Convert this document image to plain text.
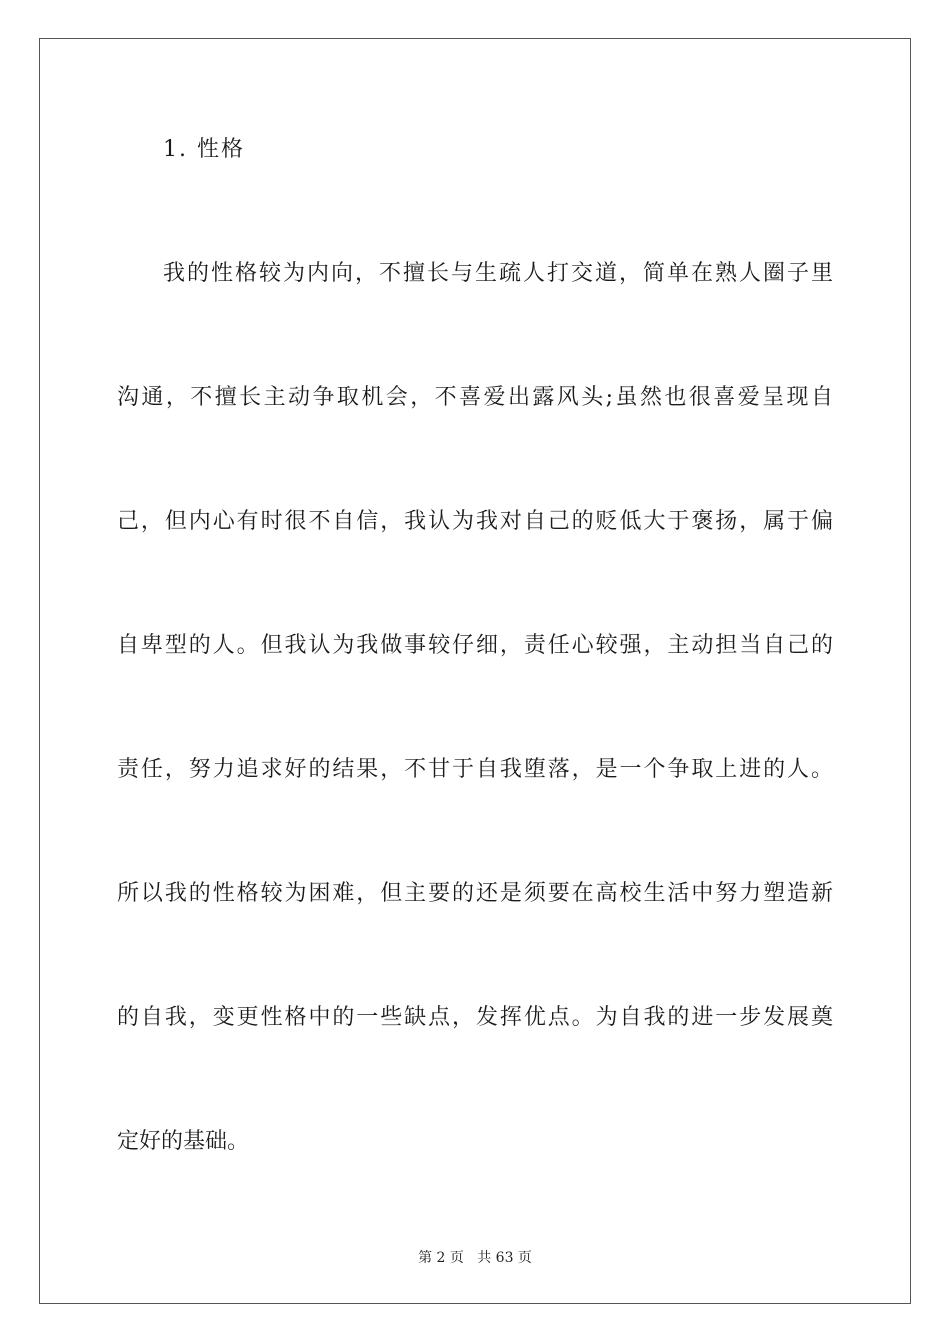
1. 性格
我的性格较为内向，不擅长与生疏人打交道，简单在熟人圈子里
沟通，不擅长主动争取机会，不喜爱出露风头;虽然也很喜爱呈现自
己，但内心有时很不自信，我认为我对自己的贬低大于褒扬，属于偏
自卑型的人。但我认为我做事较仔细，责任心较强，主动担当自己的
责任，努力追求好的结果，不甘于自我堕落，是一个争取上进的人。
所以我的性格较为困难，但主要的还是须要在高校生活中努力塑造新
的自我，变更性格中的一些缺点，发挥优点。为自我的进一步发展奠
定好的基础。
第 2 页   共 63 页
